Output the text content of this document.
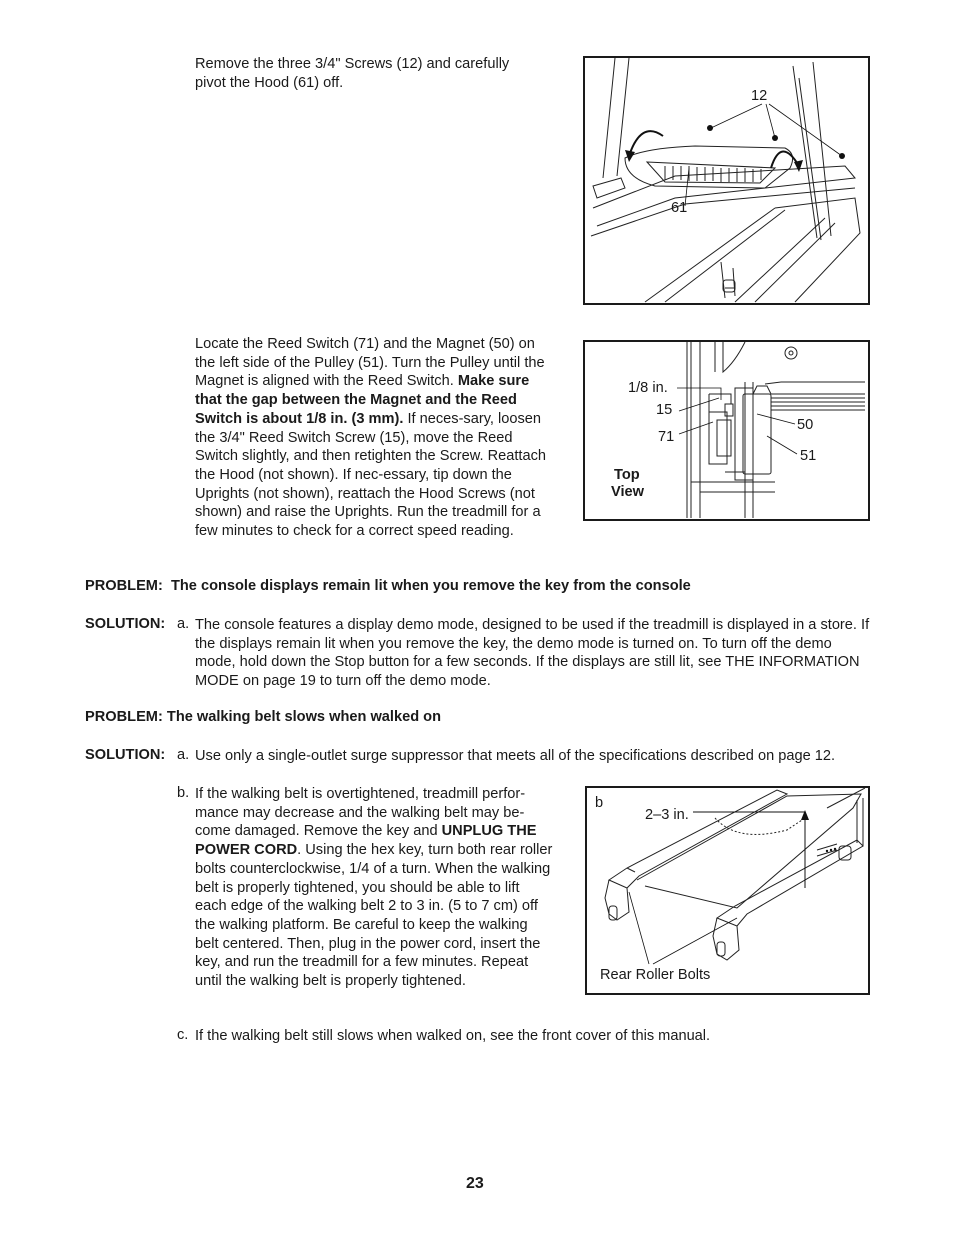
Remove the three 3/4" Screws (12) and carefully pivot the Hood (61) off.
12
61
Locate the Reed Switch (71) and the Magnet (50) on the left side of the Pulley (51). Turn the Pulley until the Magnet is aligned with the Reed Switch. Make sure that the gap between the Magnet and the Reed Switch is about 1/8 in. (3 mm). If neces-sary, loosen the 3/4" Reed Switch Screw (15), move the Reed Switch slightly, and then retighten the Screw. Reattach the Hood (not shown). If nec-essary, tip down the Uprights (not shown), reattach the Hood Screws (not shown) and raise the Uprights. Run the treadmill for a few minutes to check for a correct speed reading.
1/8 in.
15
71
50
51
Top
View
PROBLEM: The console displays remain lit when you remove the key from the console
SOLUTION: a. The console features a display demo mode, designed to be used if the treadmill is displayed in a store. If the displays remain lit when you remove the key, the demo mode is turned on. To turn off the demo mode, hold down the Stop button for a few seconds. If the displays are still lit, see THE INFORMATION MODE on page 19 to turn off the demo mode.
PROBLEM: The walking belt slows when walked on
SOLUTION: a. Use only a single-outlet surge suppressor that meets all of the specifications described on page 12.
b. If the walking belt is overtightened, treadmill perfor-mance may decrease and the walking belt may be-come damaged. Remove the key and UNPLUG THE POWER CORD. Using the hex key, turn both rear roller bolts counterclockwise, 1/4 of a turn. When the walking belt is properly tightened, you should be able to lift each edge of the walking belt 2 to 3 in. (5 to 7 cm) off the walking platform. Be careful to keep the walking belt centered. Then, plug in the power cord, insert the key, and run the treadmill for a few minutes. Repeat until the walking belt is properly tightened.
b
2–3 in.
Rear Roller Bolts
c. If the walking belt still slows when walked on, see the front cover of this manual.
23
